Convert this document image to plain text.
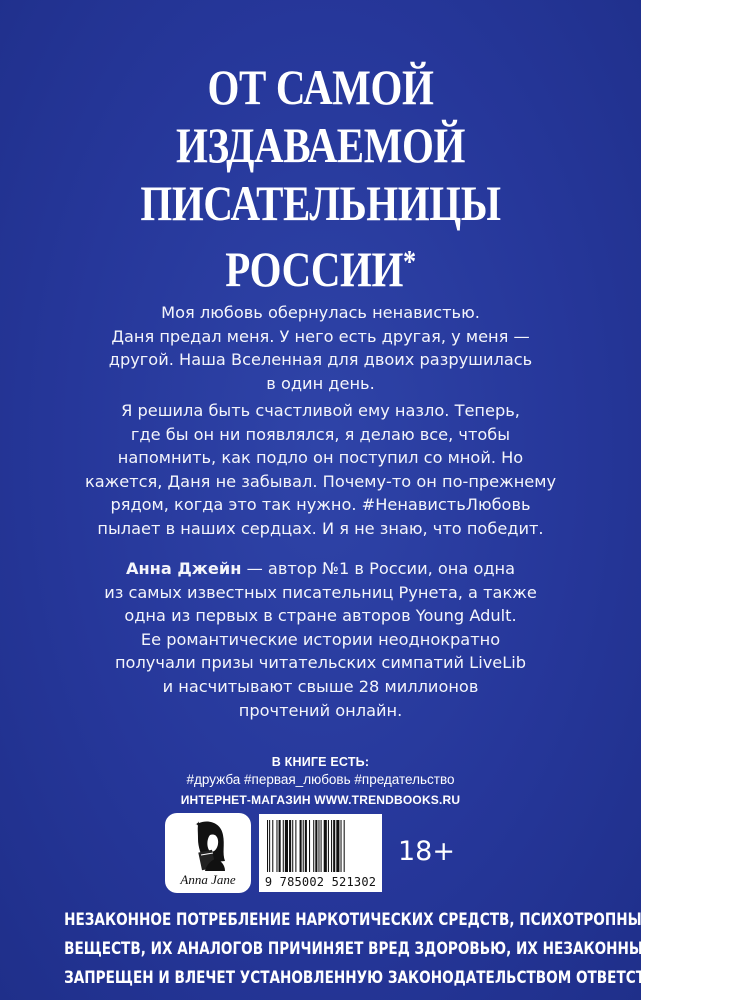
ОТ САМОЙ
ИЗДАВАЕМОЙ
ПИСАТЕЛЬНИЦЫ
РОССИИ*
Моя любовь обернулась ненавистью.
Даня предал меня. У него есть другая, у меня —
другой. Наша Вселенная для двоих разрушилась
в один день.
Я решила быть счастливой ему назло. Теперь,
где бы он ни появлялся, я делаю все, чтобы
напомнить, как подло он поступил со мной. Но
кажется, Даня не забывал. Почему-то он по-прежнему
рядом, когда это так нужно. #НенавистьЛюбовь
пылает в наших сердцах. И я не знаю, что победит.
Анна Джейн — автор №1 в России, она одна
из самых известных писательниц Рунета, а также
одна из первых в стране авторов Young Adult.
Ее романтические истории неоднократно
получали призы читательских симпатий LiveLib
и насчитывают свыше 28 миллионов
прочтений онлайн.
В КНИГЕ ЕСТЬ:
#дружба #первая_любовь #предательство
ИНТЕРНЕТ-МАГАЗИН WWW.TRENDBOOKS.RU
✦
Anna Jane	9 785002 521302
18+
НЕЗАКОННОЕ ПОТРЕБЛЕНИЕ НАРКОТИЧЕСКИХ СРЕДСТВ, ПСИХОТРОПНЫХ
ВЕЩЕСТВ, ИХ АНАЛОГОВ ПРИЧИНЯЕТ ВРЕД ЗДОРОВЬЮ, ИХ НЕЗАКОННЫЙ ОБОРОТ
ЗАПРЕЩЕН И ВЛЕЧЕТ УСТАНОВЛЕННУЮ ЗАКОНОДАТЕЛЬСТВОМ ОТВЕТСТВЕННОСТЬ
